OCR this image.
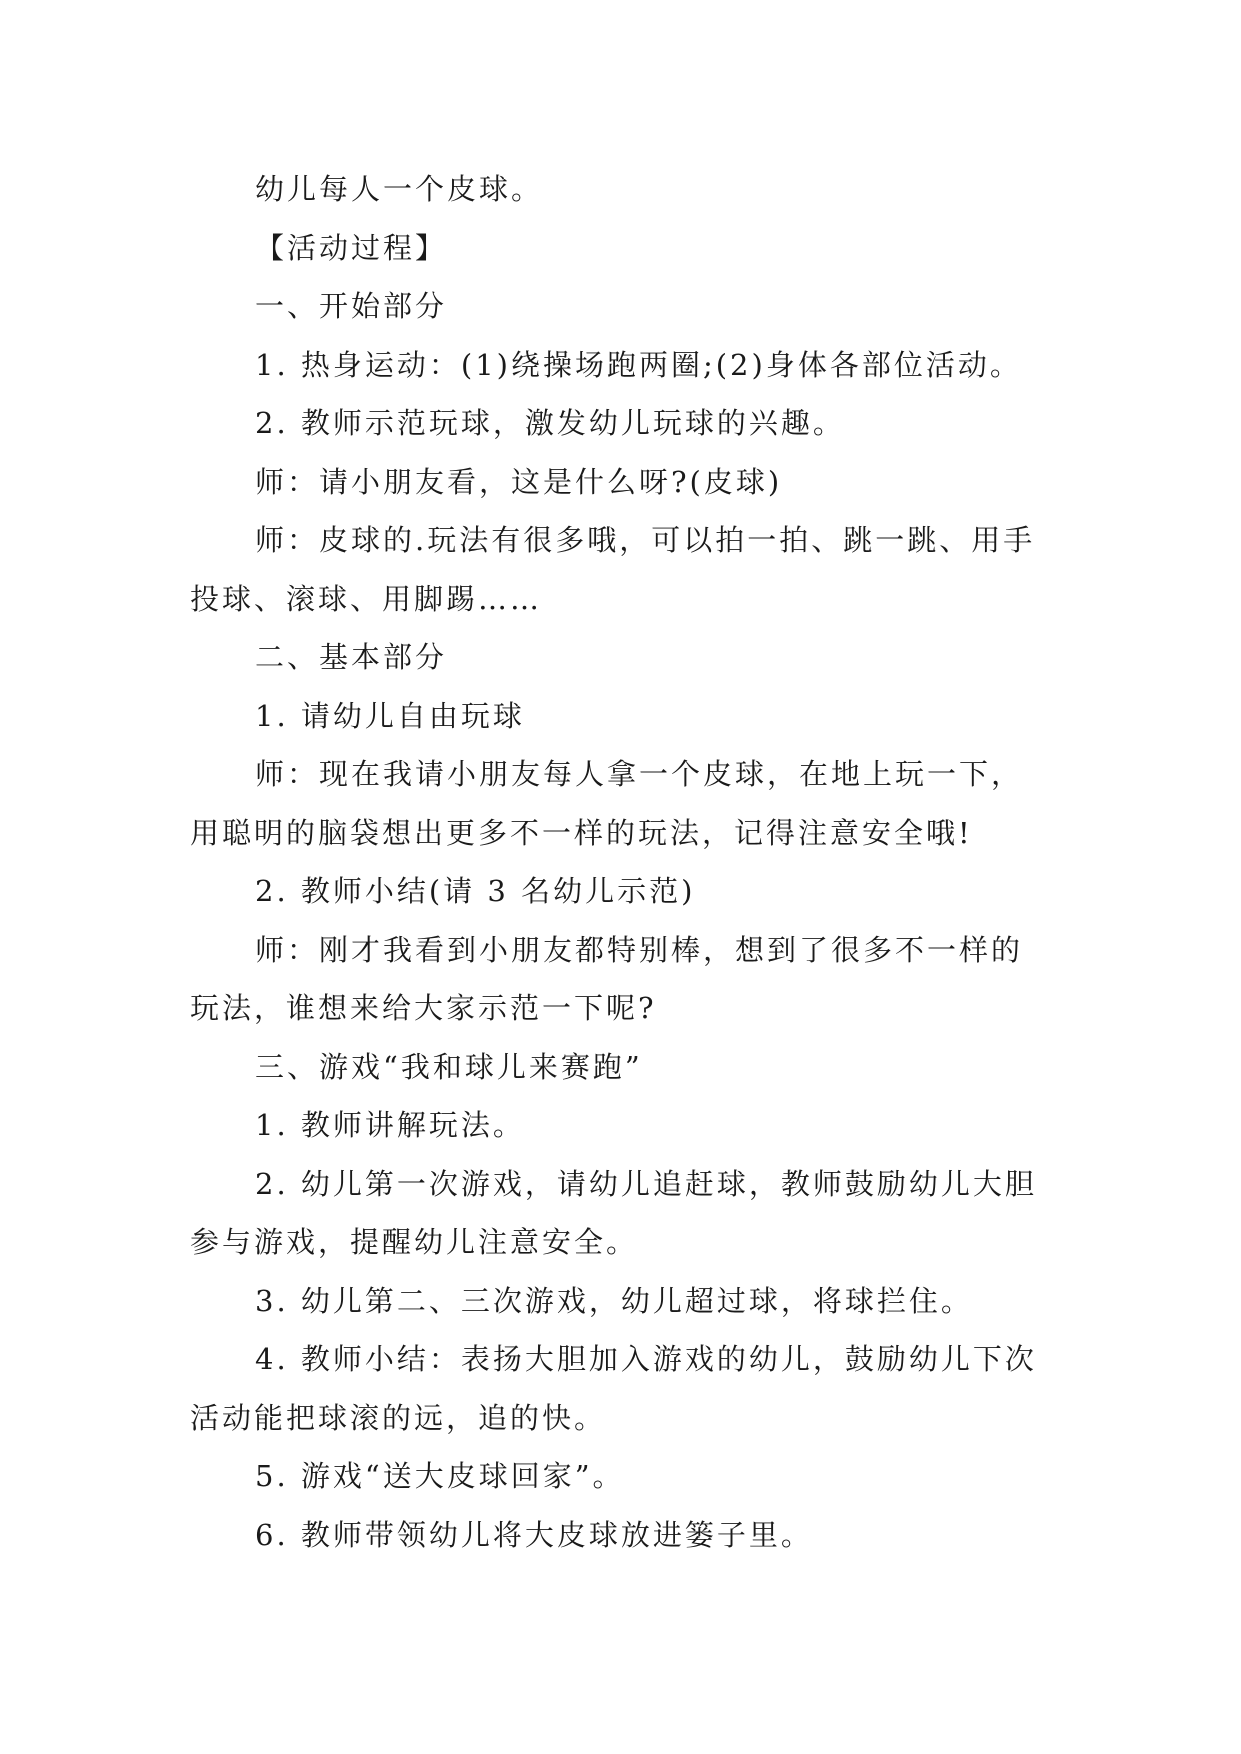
幼儿每人一个皮球。

【活动过程】

一、开始部分

1. 热身运动：(1)绕操场跑两圈;(2)身体各部位活动。

2. 教师示范玩球，激发幼儿玩球的兴趣。

师：请小朋友看，这是什么呀?(皮球)

师：皮球的.玩法有很多哦，可以拍一拍、跳一跳、用手投球、滚球、用脚踢……

二、基本部分

1. 请幼儿自由玩球

师：现在我请小朋友每人拿一个皮球，在地上玩一下，用聪明的脑袋想出更多不一样的玩法，记得注意安全哦!

2. 教师小结(请 3 名幼儿示范)

师：刚才我看到小朋友都特别棒，想到了很多不一样的玩法，谁想来给大家示范一下呢?

三、游戏“我和球儿来赛跑”

1. 教师讲解玩法。

2. 幼儿第一次游戏，请幼儿追赶球，教师鼓励幼儿大胆参与游戏，提醒幼儿注意安全。

3. 幼儿第二、三次游戏，幼儿超过球，将球拦住。

4. 教师小结：表扬大胆加入游戏的幼儿，鼓励幼儿下次活动能把球滚的远，追的快。

5. 游戏“送大皮球回家”。

6. 教师带领幼儿将大皮球放进篓子里。
